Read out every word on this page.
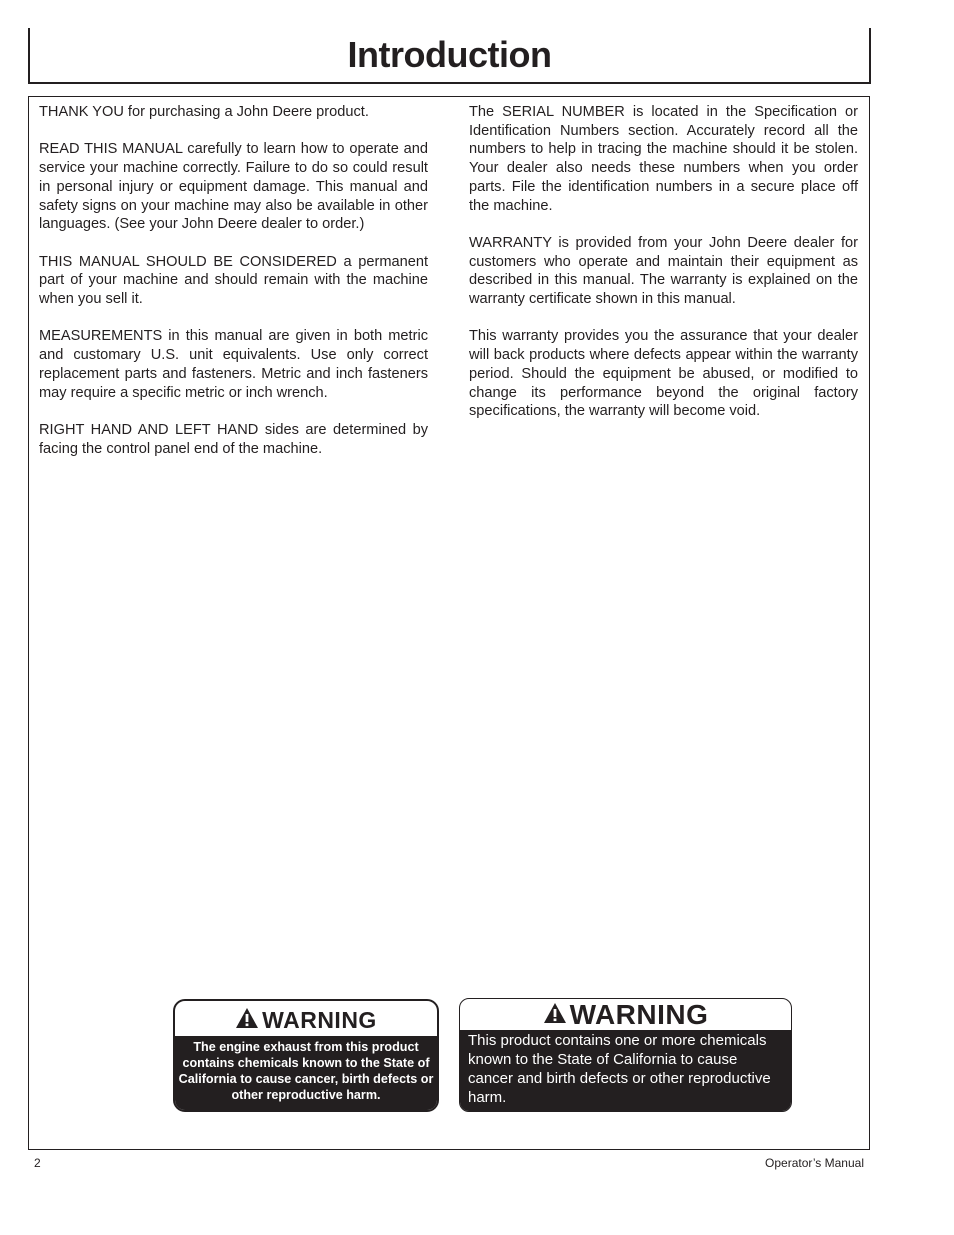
Introduction

THANK YOU for purchasing a John Deere product.

READ THIS MANUAL carefully to learn how to operate and service your machine correctly. Failure to do so could result in personal injury or equipment damage. This manual and safety signs on your machine may also be available in other languages. (See your John Deere dealer to order.)

THIS MANUAL SHOULD BE CONSIDERED a permanent part of your machine and should remain with the machine when you sell it.

MEASUREMENTS in this manual are given in both metric and customary U.S. unit equivalents. Use only correct replacement parts and fasteners. Metric and inch fasteners may require a specific metric or inch wrench.

RIGHT HAND AND LEFT HAND sides are determined by facing the control panel end of the machine.

The SERIAL NUMBER is located in the Specification or Identification Numbers section. Accurately record all the numbers to help in tracing the machine should it be stolen. Your dealer also needs these numbers when you order parts. File the identification numbers in a secure place off the machine.

WARRANTY is provided from your John Deere dealer for customers who operate and maintain their equipment as described in this manual. The warranty is explained on the warranty certificate shown in this manual.

This warranty provides you the assurance that your dealer will back products where defects appear within the warranty period. Should the equipment be abused, or modified to change its performance beyond the original factory specifications, the warranty will become void.

WARNING
The engine exhaust from this product contains chemicals known to the State of California to cause cancer, birth defects or other reproductive harm.
WARNING
This product contains one or more chemicals known to the State of California to cause cancer and birth defects or other reproductive harm.
2	Operator’s Manual
